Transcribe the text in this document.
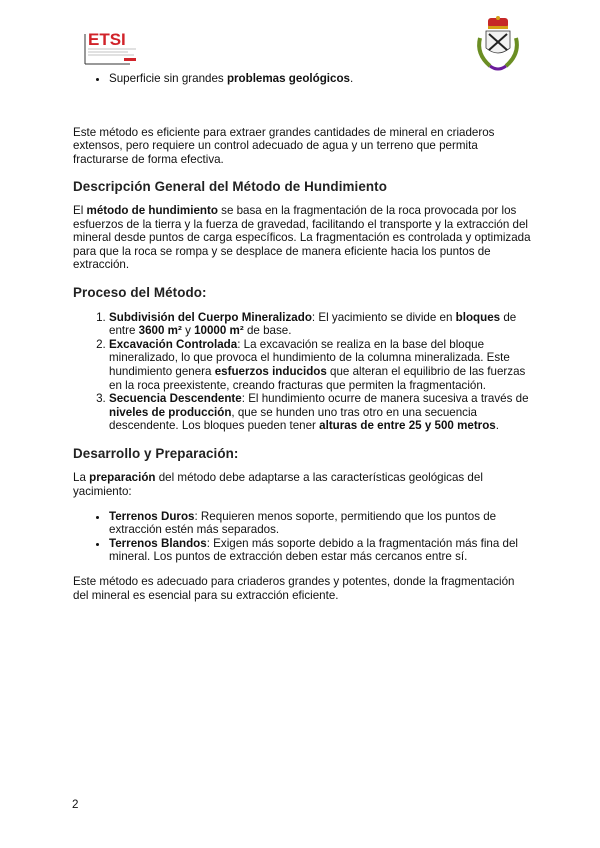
ETSI
• Superficie sin grandes problemas geológicos.

Este método es eficiente para extraer grandes cantidades de mineral en criaderos extensos, pero requiere un control adecuado de agua y un terreno que permita fracturarse de forma efectiva.

Descripción General del Método de Hundimiento

El método de hundimiento se basa en la fragmentación de la roca provocada por los esfuerzos de la tierra y la fuerza de gravedad, facilitando el transporte y la extracción del mineral desde puntos de carga específicos. La fragmentación es controlada y optimizada para que la roca se rompa y se desplace de manera eficiente hacia los puntos de extracción.

Proceso del Método:
1. Subdivisión del Cuerpo Mineralizado: El yacimiento se divide en bloques de entre 3600 m² y 10000 m² de base.
2. Excavación Controlada: La excavación se realiza en la base del bloque mineralizado, lo que provoca el hundimiento de la columna mineralizada. Este hundimiento genera esfuerzos inducidos que alteran el equilibrio de las fuerzas en la roca preexistente, creando fracturas que permiten la fragmentación.
3. Secuencia Descendente: El hundimiento ocurre de manera sucesiva a través de niveles de producción, que se hunden uno tras otro en una secuencia descendente. Los bloques pueden tener alturas de entre 25 y 500 metros.
Desarrollo y Preparación:

La preparación del método debe adaptarse a las características geológicas del yacimiento:

• Terrenos Duros: Requieren menos soporte, permitiendo que los puntos de extracción estén más separados.
• Terrenos Blandos: Exigen más soporte debido a la fragmentación más fina del mineral. Los puntos de extracción deben estar más cercanos entre sí.

Este método es adecuado para criaderos grandes y potentes, donde la fragmentación del mineral es esencial para su extracción eficiente.

2
